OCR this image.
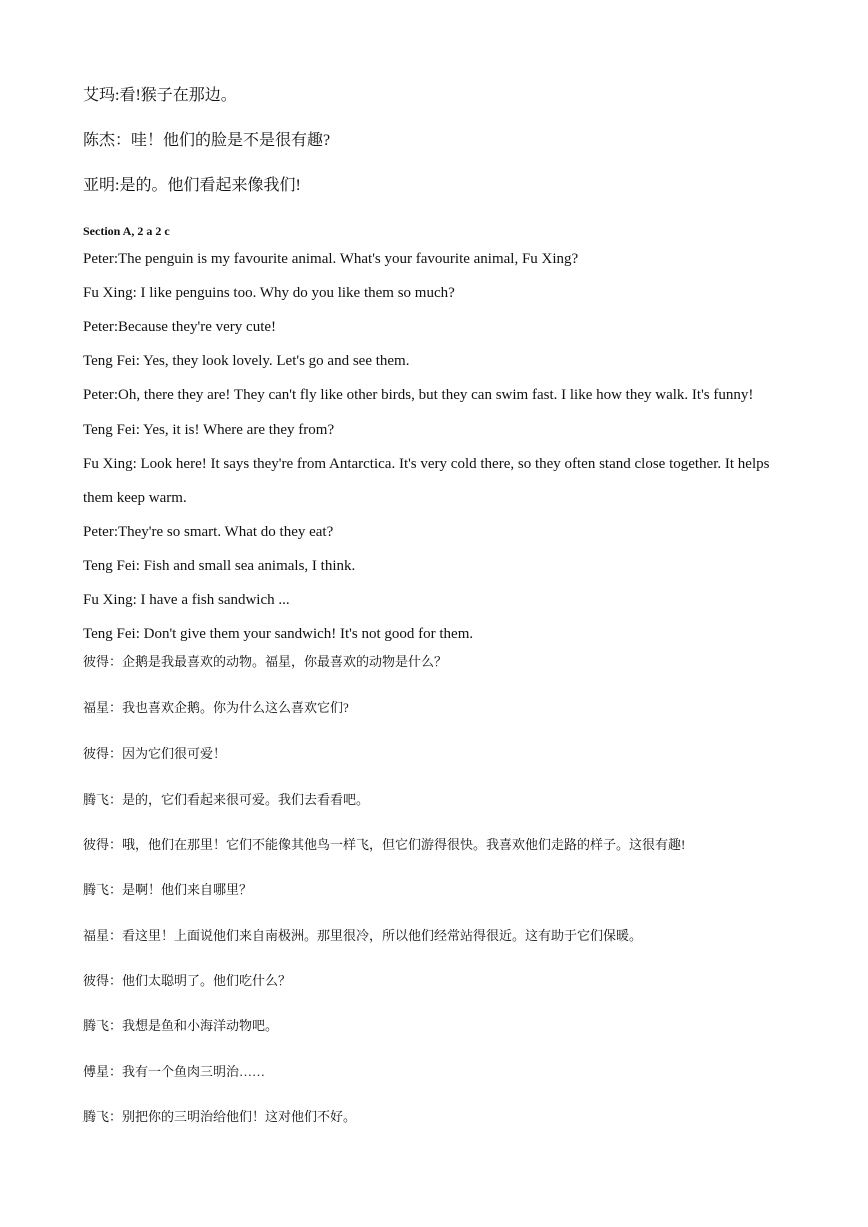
艾玛:看!猴子在那边。
陈杰：哇！他们的脸是不是很有趣?
亚明:是的。他们看起来像我们!
Section A, 2 a 2 c
Peter:The penguin is my favourite animal. What's your favourite animal, Fu Xing?
Fu Xing: I like penguins too. Why do you like them so much?
Peter:Because they're very cute!
Teng Fei: Yes, they look lovely. Let's go and see them.
Peter:Oh, there they are! They can't fly like other birds, but they can swim fast. I like how they walk. It's funny!
Teng Fei: Yes, it is! Where are they from?
Fu Xing: Look here! It says they're from Antarctica. It's very cold there, so they often stand close together. It helps
them keep warm.
Peter:They're so smart. What do they eat?
Teng Fei: Fish and small sea animals, I think.
Fu Xing: I have a fish sandwich ...
Teng Fei: Don't give them your sandwich! It's not good for them.
彼得：企鹅是我最喜欢的动物。福星，你最喜欢的动物是什么？
福星：我也喜欢企鹅。你为什么这么喜欢它们?
彼得：因为它们很可爱！
腾飞：是的，它们看起来很可爱。我们去看看吧。
彼得：哦，他们在那里！它们不能像其他鸟一样飞，但它们游得很快。我喜欢他们走路的样子。这很有趣!
腾飞：是啊！他们来自哪里？
福星：看这里！上面说他们来自南极洲。那里很冷，所以他们经常站得很近。这有助于它们保暖。
彼得：他们太聪明了。他们吃什么？
腾飞：我想是鱼和小海洋动物吧。
傅星：我有一个鱼肉三明治……
腾飞：别把你的三明治给他们！这对他们不好。
